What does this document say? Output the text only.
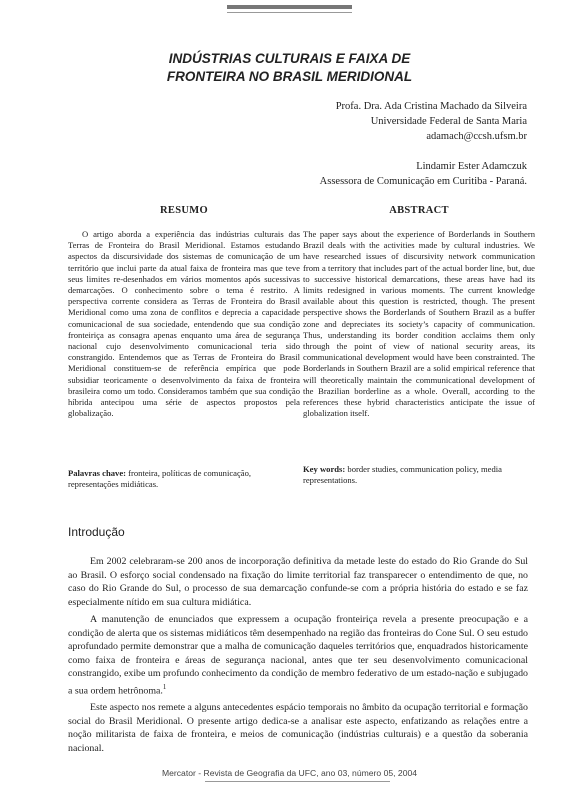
INDÚSTRIAS CULTURAIS E FAIXA DE
FRONTEIRA NO BRASIL MERIDIONAL
Profa. Dra. Ada Cristina Machado da Silveira
Universidade Federal de Santa Maria
adamach@ccsh.ufsm.br
Lindamir Ester Adamczuk
Assessora de Comunicação em Curitiba - Paraná.
RESUMO

O artigo aborda a experiência das indústrias culturais das Terras de Fronteira do Brasil Meridional. Estamos estudando aspectos da discursividade dos sistemas de comunicação de um território que inclui parte da atual faixa de fronteira mas que teve seus limites re-desenhados em vários momentos após sucessivas demarcações. O conhecimento sobre o tema é restrito. A perspectiva corrente considera as Terras de Fronteira do Brasil Meridional como uma zona de conflitos e deprecia a capacidade comunicacional de sua sociedade, entendendo que sua condição fronteiriça as consagra apenas enquanto uma área de segurança nacional cujo desenvolvimento comunicacional teria sido constrangido. Entendemos que as Terras de Fronteira do Brasil Meridional constituem-se de referência empírica que pode subsidiar teoricamente o desenvolvimento da faixa de fronteira brasileira como um todo. Consideramos também que sua condição híbrida antecipou uma série de aspectos propostos pela globalização.

Palavras chave: fronteira, políticas de comunicação, representações midiáticas.
ABSTRACT

The paper says about the experience of Borderlands in Southern Brazil deals with the activities made by cultural industries. We have researched issues of discursivity network communication from a territory that includes part of the actual border line, but, due to successive historical demarcations, these areas have had its limits redesigned in various moments. The current knowledge available about this question is restricted, though. The present perspective shows the Borderlands of Southern Brazil as a buffer zone and depreciates its society’s capacity of communication. Thus, understanding its border condition acclaims them only through the point of view of national security areas, its communicational development would have been constrainted. The Borderlands in Southern Brazil are a solid empirical reference that will theoretically maintain the communicational development of the Brazilian borderline as a whole. Overall, according to the references these hybrid characteristics anticipate the issue of globalization itself.

Key words: border studies, communication policy, media representations.
Introdução

Em 2002 celebraram-se 200 anos de incorporação definitiva da metade leste do estado do Rio Grande do Sul ao Brasil. O esforço social condensado na fixação do limite territorial faz transparecer o entendimento de que, no caso do Rio Grande do Sul, o processo de sua demarcação confunde-se com a própria história do estado e se faz especialmente nítido em sua cultura midiática.

A manutenção de enunciados que expressem a ocupação fronteiriça revela a presente preocupação e a condição de alerta que os sistemas midiáticos têm desempenhado na região das fronteiras do Cone Sul. O seu estudo aprofundado permite demonstrar que a malha de comunicação daqueles territórios que, enquadrados historicamente como faixa de fronteira e áreas de segurança nacional, antes que ter seu desenvolvimento comunicacional constrangido, exibe um profundo conhecimento da condição de membro federativo de um estado-nação e subjugado a sua ordem hetrônoma.$^1$

Este aspecto nos remete a alguns antecedentes espácio temporais no âmbito da ocupação territorial e formação social do Brasil Meridional. O presente artigo dedica-se a analisar este aspecto, enfatizando as relações entre a noção militarista de faixa de fronteira, e meios de comunicação (indústrias culturais) e a questão da soberania nacional.

Mercator - Revista de Geografia da UFC, ano 03, número 05, 2004
